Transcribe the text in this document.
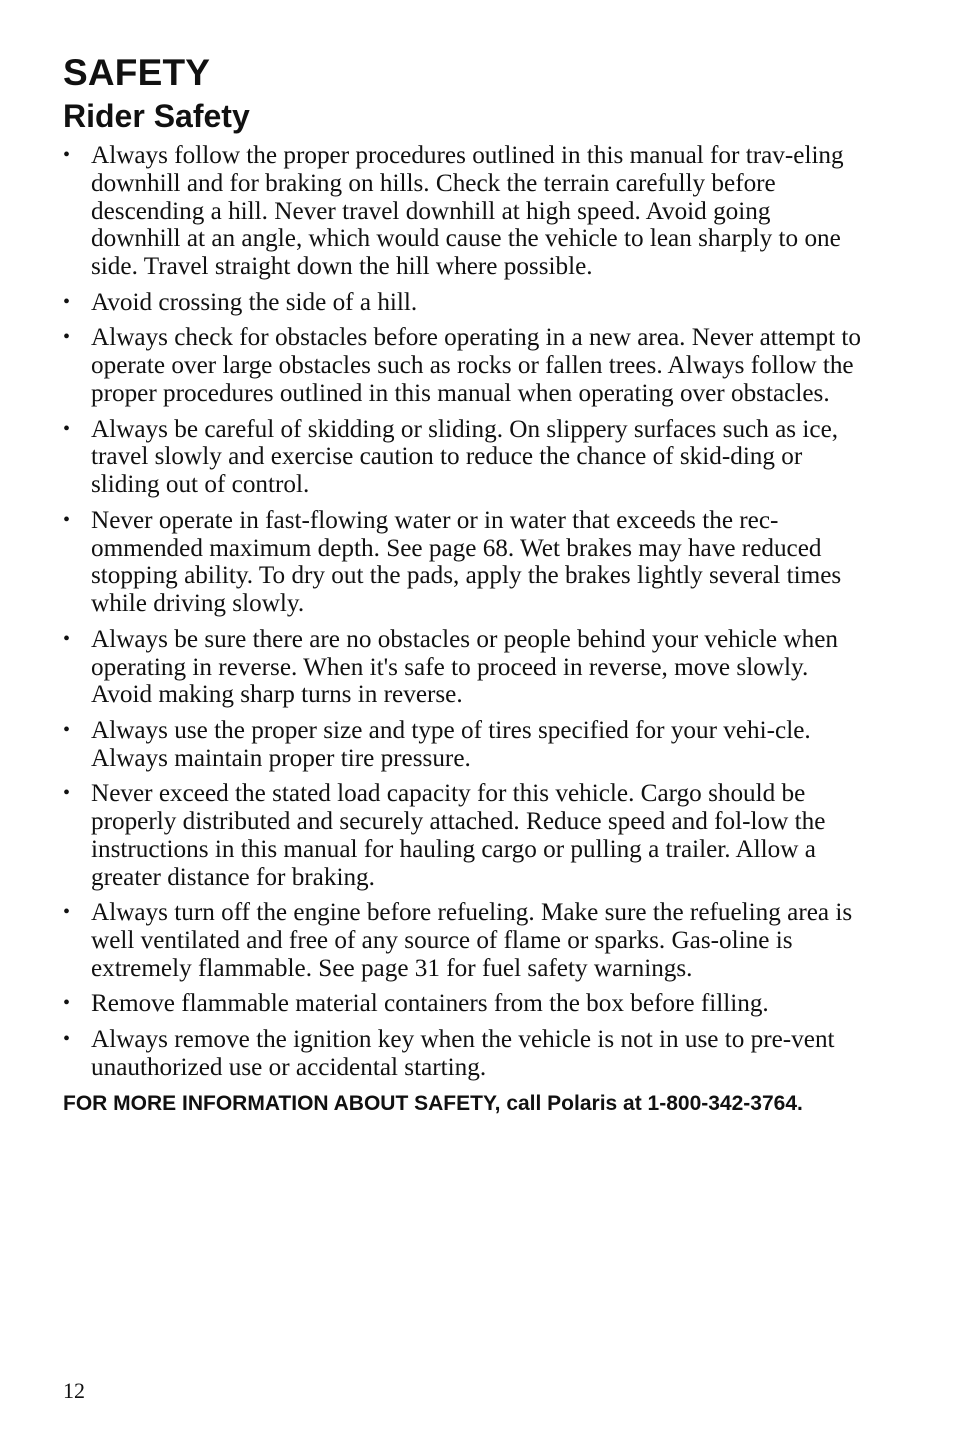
SAFETY
Rider Safety
• Always follow the proper procedures outlined in this manual for trav-eling downhill and for braking on hills. Check the terrain carefully before descending a hill. Never travel downhill at high speed. Avoid going downhill at an angle, which would cause the vehicle to lean sharply to one side. Travel straight down the hill where possible.
• Avoid crossing the side of a hill.
• Always check for obstacles before operating in a new area. Never attempt to operate over large obstacles such as rocks or fallen trees. Always follow the proper procedures outlined in this manual when operating over obstacles.
• Always be careful of skidding or sliding. On slippery surfaces such as ice, travel slowly and exercise caution to reduce the chance of skid-ding or sliding out of control.
• Never operate in fast-flowing water or in water that exceeds the rec-ommended maximum depth. See page 68. Wet brakes may have reduced stopping ability. To dry out the pads, apply the brakes lightly several times while driving slowly.
• Always be sure there are no obstacles or people behind your vehicle when operating in reverse. When it's safe to proceed in reverse, move slowly. Avoid making sharp turns in reverse.
• Always use the proper size and type of tires specified for your vehi-cle. Always maintain proper tire pressure.
• Never exceed the stated load capacity for this vehicle. Cargo should be properly distributed and securely attached. Reduce speed and fol-low the instructions in this manual for hauling cargo or pulling a trailer. Allow a greater distance for braking.
• Always turn off the engine before refueling. Make sure the refueling area is well ventilated and free of any source of flame or sparks. Gas-oline is extremely flammable. See page 31 for fuel safety warnings.
• Remove flammable material containers from the box before filling.
• Always remove the ignition key when the vehicle is not in use to pre-vent unauthorized use or accidental starting.

FOR MORE INFORMATION ABOUT SAFETY, call Polaris at 1-800-342-3764.

12
